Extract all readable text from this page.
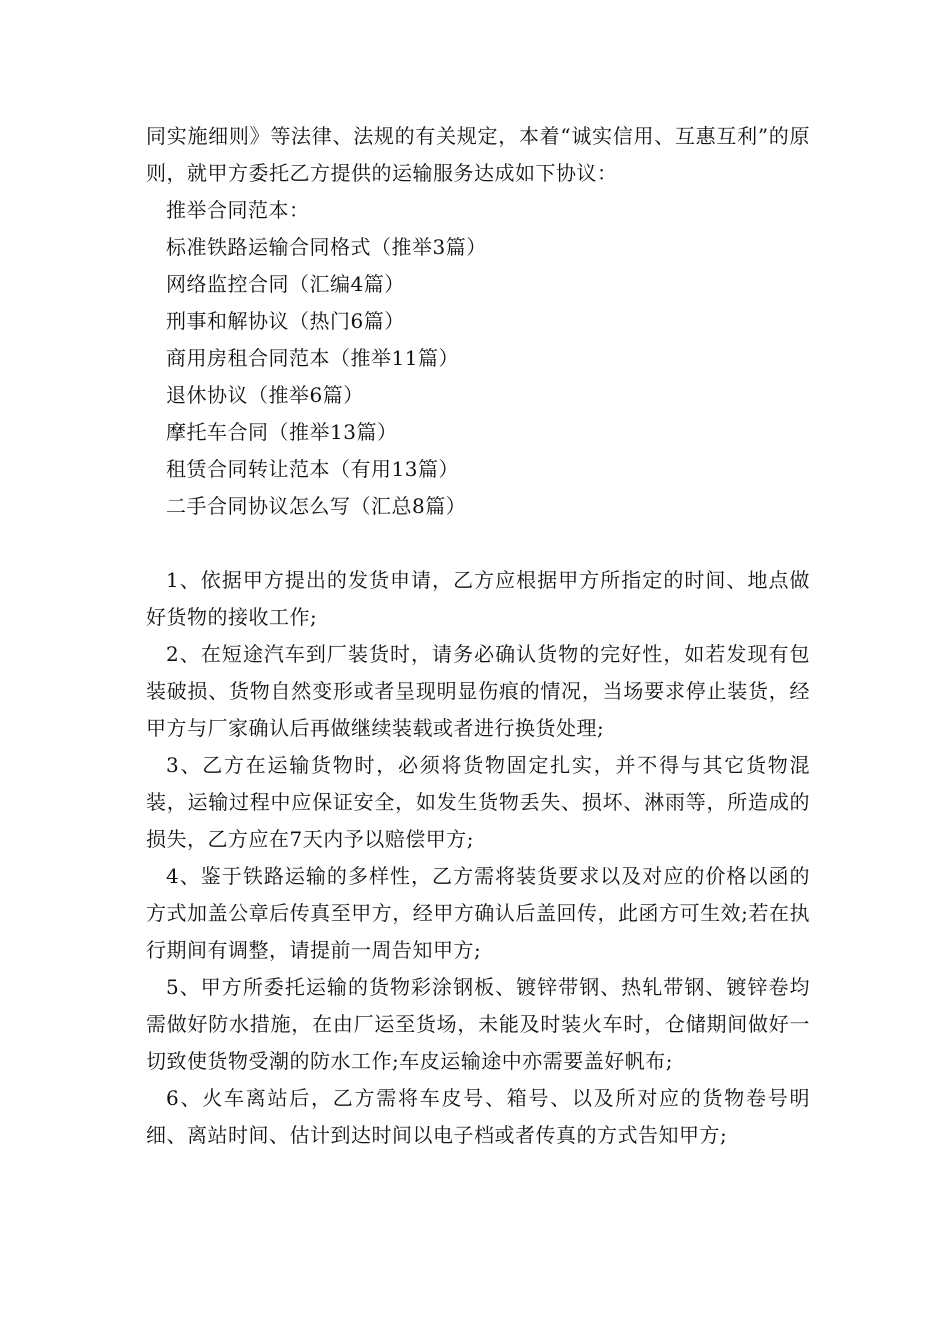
同实施细则》等法律、法规的有关规定，本着“诚实信用、互惠互利”的原则，就甲方委托乙方提供的运输服务达成如下协议：

推举合同范本：

标准铁路运输合同格式（推举3篇）

网络监控合同（汇编4篇）

刑事和解协议（热门6篇）

商用房租合同范本（推举11篇）

退休协议（推举6篇）

摩托车合同（推举13篇）

租赁合同转让范本（有用13篇）

二手合同协议怎么写（汇总8篇）

1、依据甲方提出的发货申请，乙方应根据甲方所指定的时间、地点做好货物的接收工作;

2、在短途汽车到厂装货时，请务必确认货物的完好性，如若发现有包装破损、货物自然变形或者呈现明显伤痕的情况，当场要求停止装货，经甲方与厂家确认后再做继续装载或者进行换货处理;

3、乙方在运输货物时，必须将货物固定扎实，并不得与其它货物混装，运输过程中应保证安全，如发生货物丢失、损坏、淋雨等，所造成的损失，乙方应在7天内予以赔偿甲方;

4、鉴于铁路运输的多样性，乙方需将装货要求以及对应的价格以函的方式加盖公章后传真至甲方，经甲方确认后盖回传，此函方可生效;若在执行期间有调整，请提前一周告知甲方;

5、甲方所委托运输的货物彩涂钢板、镀锌带钢、热轧带钢、镀锌卷均需做好防水措施，在由厂运至货场，未能及时装火车时，仓储期间做好一切致使货物受潮的防水工作;车皮运输途中亦需要盖好帆布;

6、火车离站后，乙方需将车皮号、箱号、以及所对应的货物卷号明细、离站时间、估计到达时间以电子档或者传真的方式告知甲方;
